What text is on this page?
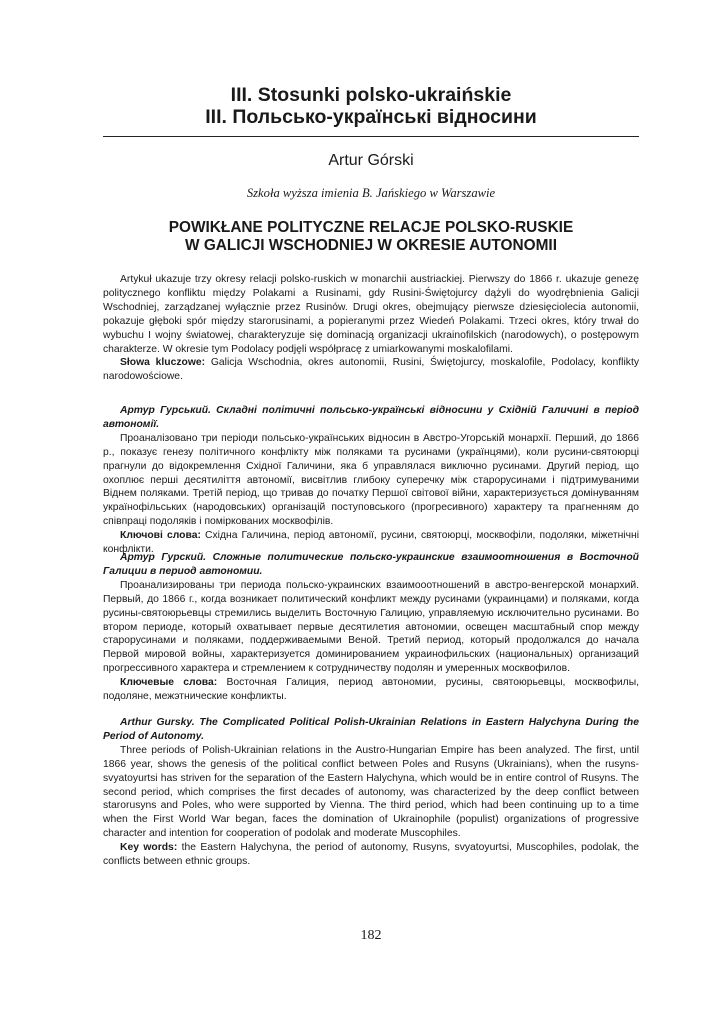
III. Stosunki polsko-ukraińskie
III. Польсько-українські відносини
Artur Górski
Szkoła wyższa imienia B. Jańskiego w Warszawie
POWIKŁANE POLITYCZNE RELACJE POLSKO-RUSKIE
W GALICJI WSCHODNIEJ W OKRESIE AUTONOMII

Artykuł ukazuje trzy okresy relacji polsko-ruskich w monarchii austriackiej. Pierwszy do 1866 r. ukazuje genezę politycznego konfliktu między Polakami a Rusinami, gdy Rusini-Świętojurcy dążyli do wyodrębnienia Galicji Wschodniej, zarządzanej wyłącznie przez Rusinów. Drugi okres, obejmujący pierwsze dziesięciolecia autonomii, pokazuje głęboki spór między starorusinami, a popieranymi przez Wiedeń Polakami. Trzeci okres, który trwał do wybuchu I wojny światowej, charakteryzuje się dominacją organizacji ukrainofilskich (narodowych), o postępowym charakterze. W okresie tym Podolacy podjęli współpracę z umiarkowanymi moskalofilami.

Słowa kluczowe: Galicja Wschodnia, okres autonomii, Rusini, Świętojurcy, moskalofile, Podolacy, konflikty narodowościowe.

Артур Гурський. Складні політичні польсько-українські відносини у Східній Галичині в період автономії.

Проаналізовано три періоди польсько-українських відносин в Австро-Угорській монархії. Перший, до 1866 р., показує генезу політичного конфлікту між поляками та русинами (українцями), коли русини-святоюрці прагнули до відокремлення Східної Галичини, яка б управлялася виключно русинами. Другий період, що охоплює перші десятиліття автономії, висвітлив глибоку суперечку між старорусинами і підтримуваними Віднем поляками. Третій період, що тривав до початку Першої світової війни, характеризується домінуванням українофільських (народовських) організацій поступовського (прогресивного) характеру та прагненням до співпраці подоляків і поміркованих москвофілів.

Ключові слова: Східна Галичина, період автономії, русини, святоюрці, москвофіли, подоляки, міжетнічні конфлікти.

Артур Гурский. Сложные политические польско-украинские взаимоотношения в Восточной Галиции в период автономии.

Проанализированы три периода польско-украинских взаимооотношений в австро-венгерской монархий. Первый, до 1866 г., когда возникает политический конфликт между русинами (украинцами) и поляками, когда русины-святоюрьевцы стремились выделить Восточную Галицию, управляемую исключительно русинами. Во втором периоде, который охватывает первые десятилетия автономии, освещен масштабный спор между старорусинами и поляками, поддерживаемыми Веной. Третий период, который продолжался до начала Первой мировой войны, характеризуется доминированием украинофильских (национальных) организаций прогрессивного характера и стремлением к сотрудничеству подолян и умеренных москвофилов.

Ключевые слова: Восточная Галиция, период автономии, русины, святоюрьевцы, москвофилы, подоляне, межэтнические конфликты.

Arthur Gursky. The Complicated Political Polish-Ukrainian Relations in Eastern Halychyna During the Period of Autonomy.

Three periods of Polish-Ukrainian relations in the Austro-Hungarian Empire has been analyzed. The first, until 1866 year, shows the genesis of the political conflict between Poles and Rusyns (Ukrainians), when the rusyns-svyatoyurtsi has striven for the separation of the Eastern Halychyna, which would be in entire control of Rusyns. The second period, which comprises the first decades of autonomy, was characterized by the deep conflict between starorusyns and Poles, who were supported by Vienna. The third period, which had been continuing up to a time when the First World War began, faces the domination of Ukrainophile (populist) organizations of progressive character and intention for cooperation of podolak and moderate Muscophiles.

Key words: the Eastern Halychyna, the period of autonomy, Rusyns, svyatoyurtsi, Muscophiles, podolak, the conflicts between ethnic groups.

182
